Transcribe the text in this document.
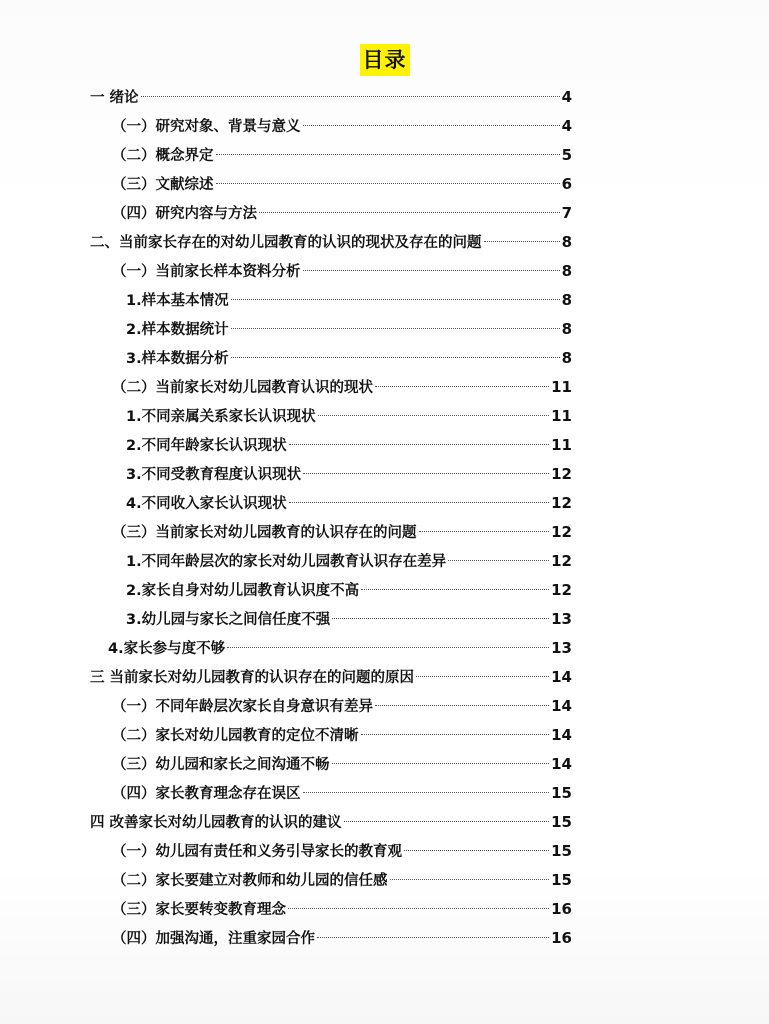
目录
一 绪论	4
（一）研究对象、背景与意义	4
（二）概念界定	5
（三）文献综述	6
（四）研究内容与方法	7
二、当前家长存在的对幼儿园教育的认识的现状及存在的问题	8
（一）当前家长样本资料分析	8
1.样本基本情况	8
2.样本数据统计	8
3.样本数据分析	8
（二）当前家长对幼儿园教育认识的现状	11
1.不同亲属关系家长认识现状	11
2.不同年龄家长认识现状	11
3.不同受教育程度认识现状	12
4.不同收入家长认识现状	12
（三）当前家长对幼儿园教育的认识存在的问题	12
1.不同年龄层次的家长对幼儿园教育认识存在差异	12
2.家长自身对幼儿园教育认识度不高	12
3.幼儿园与家长之间信任度不强	13
4.家长参与度不够	13
三 当前家长对幼儿园教育的认识存在的问题的原因	14
（一）不同年龄层次家长自身意识有差异	14
（二）家长对幼儿园教育的定位不清晰	14
（三）幼儿园和家长之间沟通不畅	14
（四）家长教育理念存在误区	15
四 改善家长对幼儿园教育的认识的建议	15
（一）幼儿园有责任和义务引导家长的教育观	15
（二）家长要建立对教师和幼儿园的信任感	15
（三）家长要转变教育理念	16
（四）加强沟通，注重家园合作	16
